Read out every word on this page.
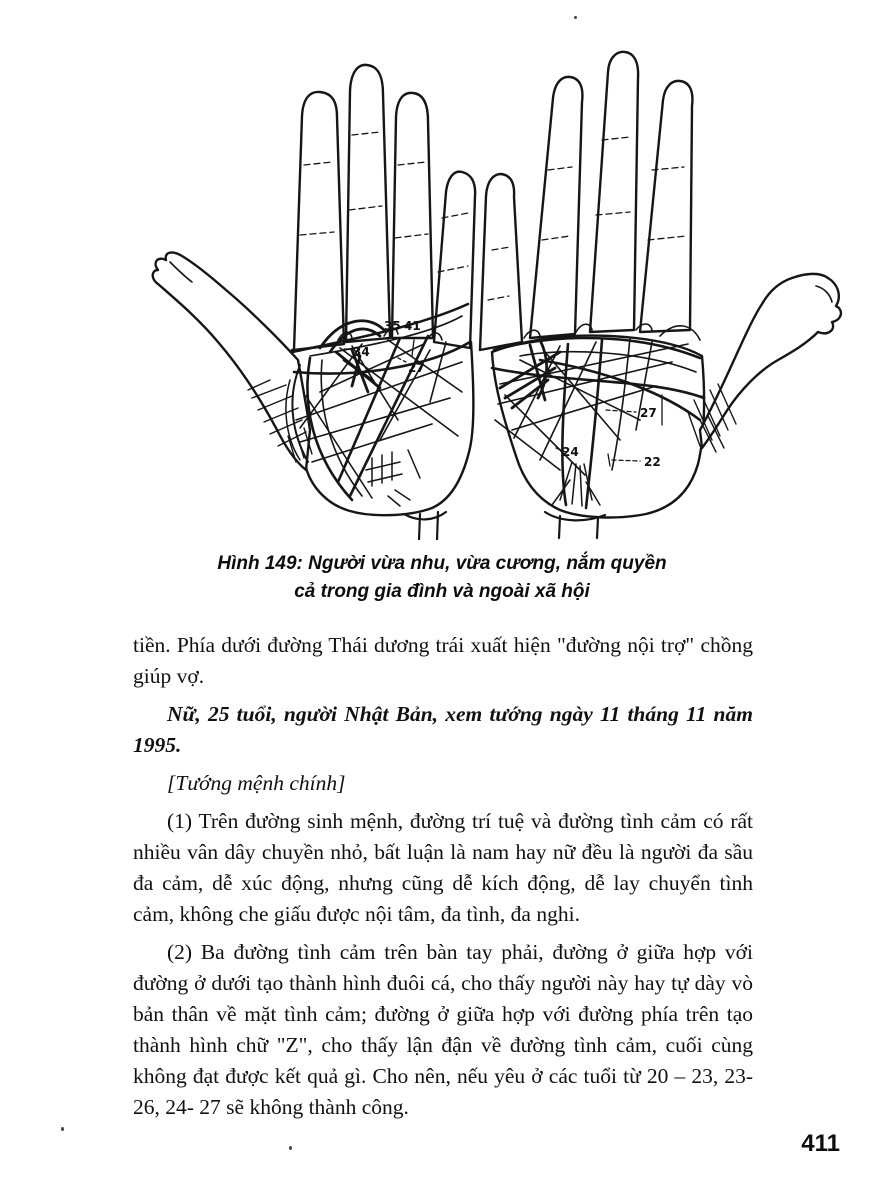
35 41
34
27
27
24
22
Hình 149: Người vừa nhu, vừa cương, nắm quyền
cả trong gia đình và ngoài xã hội

tiền. Phía dưới đường Thái dương trái xuất hiện "đường nội trợ" chồng giúp vợ.

Nữ, 25 tuổi, người Nhật Bản, xem tướng ngày 11 tháng 11 năm 1995.

[Tướng mệnh chính]

(1) Trên đường sinh mệnh, đường trí tuệ và đường tình cảm có rất nhiều vân dây chuyền nhỏ, bất luận là nam hay nữ đều là người đa sầu đa cảm, dễ xúc động, nhưng cũng dễ kích động, dễ lay chuyển tình cảm, không che giấu được nội tâm, đa tình, đa nghi.

(2) Ba đường tình cảm trên bàn tay phải, đường ở giữa hợp với đường ở dưới tạo thành hình đuôi cá, cho thấy người này hay tự dày vò bản thân về mặt tình cảm; đường ở giữa hợp với đường phía trên tạo thành hình chữ "Z", cho thấy lận đận về đường tình cảm, cuối cùng không đạt được kết quả gì. Cho nên, nếu yêu ở các tuổi từ 20 – 23, 23- 26, 24- 27 sẽ không thành công.

411
